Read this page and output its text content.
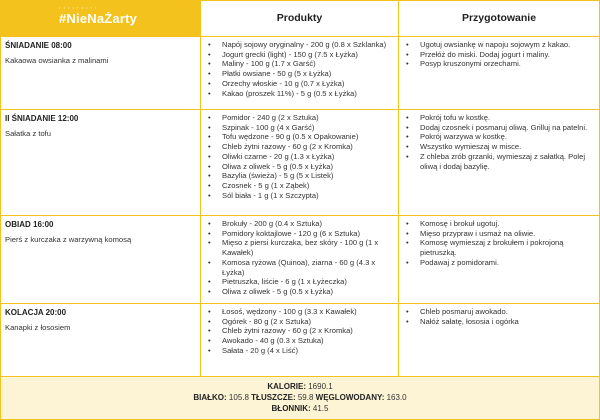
• • • • • • • • •
#NieNaŻarty	Produkty	Przygotowanie
ŚNIADANIE 08:00
Kakaowa owsianka z malinami
• Napój sojowy oryginalny - 200 g (0.8 x Szklanka)
• Jogurt grecki (light) - 150 g (7.5 x Łyżka)
• Maliny - 100 g (1.7 x Garść)
• Płatki owsiane - 50 g (5 x Łyżka)
• Orzechy włoskie - 10 g (0.7 x Łyżka)
• Kakao (proszek 11%) - 5 g (0.5 x Łyżka)
• Ugotuj owsiankę w napoju sojowym z kakao.
• Przełóż do miski. Dodaj jogurt i maliny.
• Posyp kruszonymi orzechami.
II ŚNIADANIE 12:00
Sałatka z tofu
• Pomidor - 240 g (2 x Sztuka)
• Szpinak - 100 g (4 x Garść)
• Tofu wędzone - 90 g (0.5 x Opakowanie)
• Chleb żytni razowy - 60 g (2 x Kromka)
• Oliwki czarne - 20 g (1.3 x Łyżka)
• Oliwa z oliwek - 5 g (0.5 x Łyżka)
• Bazylia (świeża) - 5 g (5 x Listek)
• Czosnek - 5 g (1 x Ząbek)
• Sól biała - 1 g (1 x Szczypta)
• Pokrój tofu w kostkę.
• Dodaj czosnek i posmaruj oliwą. Grilluj na patelni.
• Pokrój warzywa w kostkę.
• Wszystko wymieszaj w misce.
• Z chleba zrób grzanki, wymieszaj z sałatką. Polej oliwą i dodaj bazylię.
OBIAD 16:00
Pierś z kurczaka z warzywną komosą
• Brokuły - 200 g (0.4 x Sztuka)
• Pomidory koktajlowe - 120 g (6 x Sztuka)
• Mięso z piersi kurczaka, bez skóry - 100 g (1 x Kawałek)
• Komosa ryżowa (Quinoa), ziarna - 60 g (4.3 x Łyżka)
• Pietruszka, liście - 6 g (1 x Łyżeczka)
• Oliwa z oliwek - 5 g (0.5 x Łyżka)
• Komosę i brokuł ugotuj.
• Mięso przypraw i usmaż na oliwie.
• Komosę wymieszaj z brokułem i pokrojoną pietruszką.
• Podawaj z pomidorami.
KOLACJA 20:00
Kanapki z łososiem
• Łosoś, wędzony - 100 g (3.3 x Kawałek)
• Ogórek - 80 g (2 x Sztuka)
• Chleb żytni razowy - 60 g (2 x Kromka)
• Awokado - 40 g (0.3 x Sztuka)
• Sałata - 20 g (4 x Liść)
• Chleb posmaruj awokado.
• Nałóż sałatę, łososia i ogórka
KALORIE: 1690.1
BIAŁKO: 105.8 TŁUSZCZE: 59.8 WĘGLOWODANY: 163.0
BŁONNIK: 41.5
